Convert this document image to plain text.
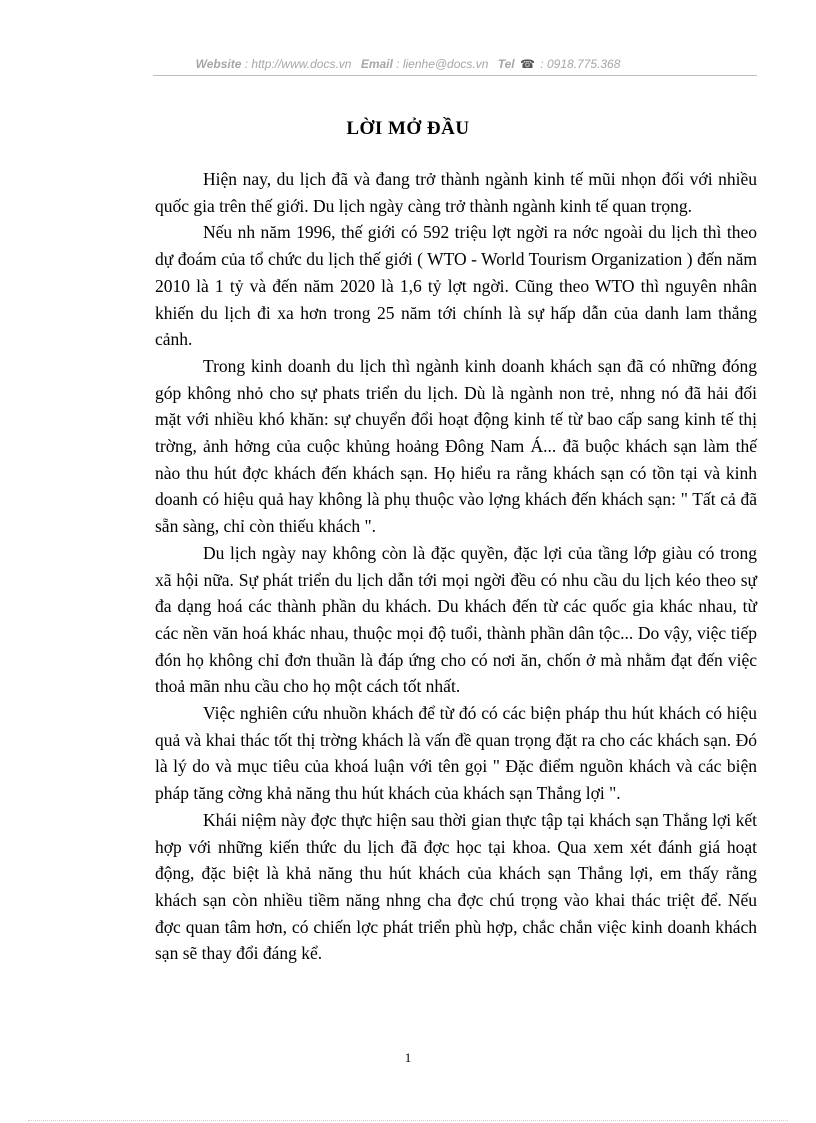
Website : http://www.docs.vn Email : lienhe@docs.vn Tel ☎ : 0918.775.368
LỜI MỞ ĐẦU

Hiện nay, du lịch đã và đang trở thành ngành kinh tế mũi nhọn đối với nhiều quốc gia trên thế giới. Du lịch ngày càng trở thành ngành kinh tế quan trọng.

Nếu nh năm 1996, thế giới có 592 triệu lợt ngời ra nớc ngoài du lịch thì theo dự đoám của tổ chức du lịch thế giới ( WTO - World Tourism Organization ) đến năm 2010 là 1 tỷ và đến năm 2020 là 1,6 tỷ lợt ngời. Cũng theo WTO thì nguyên nhân khiến du lịch đi xa hơn trong 25 năm tới chính là sự hấp dẫn của danh lam thắng cảnh.

Trong kinh doanh du lịch thì ngành kinh doanh khách sạn đã có những đóng góp không nhỏ cho sự phats triển du lịch. Dù là ngành non trẻ, nhng nó đã hải đối mặt với nhiều khó khăn: sự chuyển đổi hoạt động kinh tế từ bao cấp sang kinh tế thị trờng, ảnh hởng của cuộc khủng hoảng Đông Nam Á... đã buộc khách sạn làm thế nào thu hút đợc khách đến khách sạn. Họ hiểu ra rằng khách sạn có tồn tại và kinh doanh có hiệu quả hay không là phụ thuộc vào lợng khách đến khách sạn: " Tất cả đã sẵn sàng, chỉ còn thiếu khách ".

Du lịch ngày nay không còn là đặc quyền, đặc lợi của tầng lớp giàu có trong xã hội nữa. Sự phát triển du lịch dẫn tới mọi ngời đều có nhu cầu du lịch kéo theo sự đa dạng hoá các thành phần du khách. Du khách đến từ các quốc gia khác nhau, từ các nền văn hoá khác nhau, thuộc mọi độ tuổi, thành phần dân tộc... Do vậy, việc tiếp đón họ không chỉ đơn thuần là đáp ứng cho có nơi ăn, chốn ở mà nhằm đạt đến việc thoả mãn nhu cầu cho họ một cách tốt nhất.

Việc nghiên cứu nhuồn khách để từ đó có các biện pháp thu hút khách có hiệu quả và khai thác tốt thị trờng khách là vấn đề quan trọng đặt ra cho các khách sạn. Đó là lý do và mục tiêu của khoá luận với tên gọi " Đặc điểm nguồn khách và các biện pháp tăng cờng khả năng thu hút khách của khách sạn Thắng lợi ".

Khái niệm này đợc thực hiện sau thời gian thực tập tại khách sạn Thắng lợi kết hợp với những kiến thức du lịch đã đợc học tại khoa. Qua xem xét đánh giá hoạt động, đặc biệt là khả năng thu hút khách của khách sạn Thắng lợi, em thấy rằng khách sạn còn nhiều tiềm năng nhng cha đợc chú trọng vào khai thác triệt để. Nếu đợc quan tâm hơn, có chiến lợc phát triển phù hợp, chắc chắn việc kinh doanh khách sạn sẽ thay đổi đáng kể.

1
